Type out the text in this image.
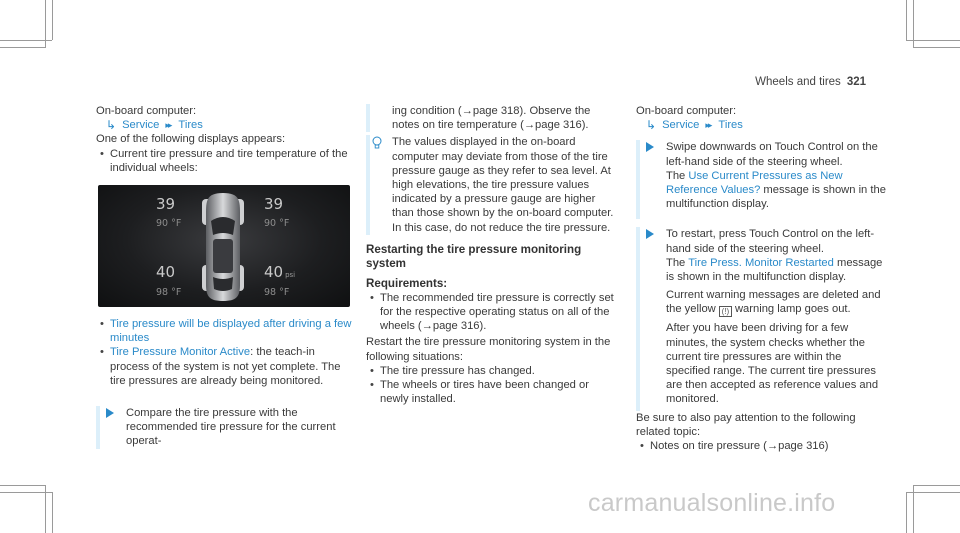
Wheels and tires 321

On-board computer:

↳ Service ▸▸ Tires

One of the following displays appears:

• Current tire pressure and tire temperature of the individual wheels:
39
90 °F
39
90 °F
40
98 °F
40 psi
98 °F
• Tire pressure will be displayed after driving a few minutes
• Tire Pressure Monitor Active: the teach-in process of the system is not yet complete. The tire pressures are already being monitored.
Compare the tire pressure with the recommended tire pressure for the current operat-
ing condition (→page 318). Observe the notes on tire temperature (→page 316).
The values displayed in the on-board computer may deviate from those of the tire pressure gauge as they refer to sea level. At high elevations, the tire pressure values indicated by a pressure gauge are higher than those shown by the on-board computer. In this case, do not reduce the tire pressure.
Restarting the tire pressure monitoring system
Requirements:
• The recommended tire pressure is correctly set for the respective operating status on all of the wheels (→page 316).

Restart the tire pressure monitoring system in the following situations:

• The tire pressure has changed.
• The wheels or tires have been changed or newly installed.

On-board computer:

↳ Service ▸▸ Tires

Swipe downwards on Touch Control on the left-hand side of the steering wheel.

The Use Current Pressures as New Reference Values? message is shown in the multifunction display.

To restart, press Touch Control on the left-hand side of the steering wheel.

The Tire Press. Monitor Restarted message is shown in the multifunction display.

Current warning messages are deleted and the yellow (!) warning lamp goes out.

After you have been driving for a few minutes, the system checks whether the current tire pressures are within the specified range. The current tire pressures are then accepted as reference values and monitored.

Be sure to also pay attention to the following related topic:

• Notes on tire pressure (→page 316)
carmanualsonline.info
